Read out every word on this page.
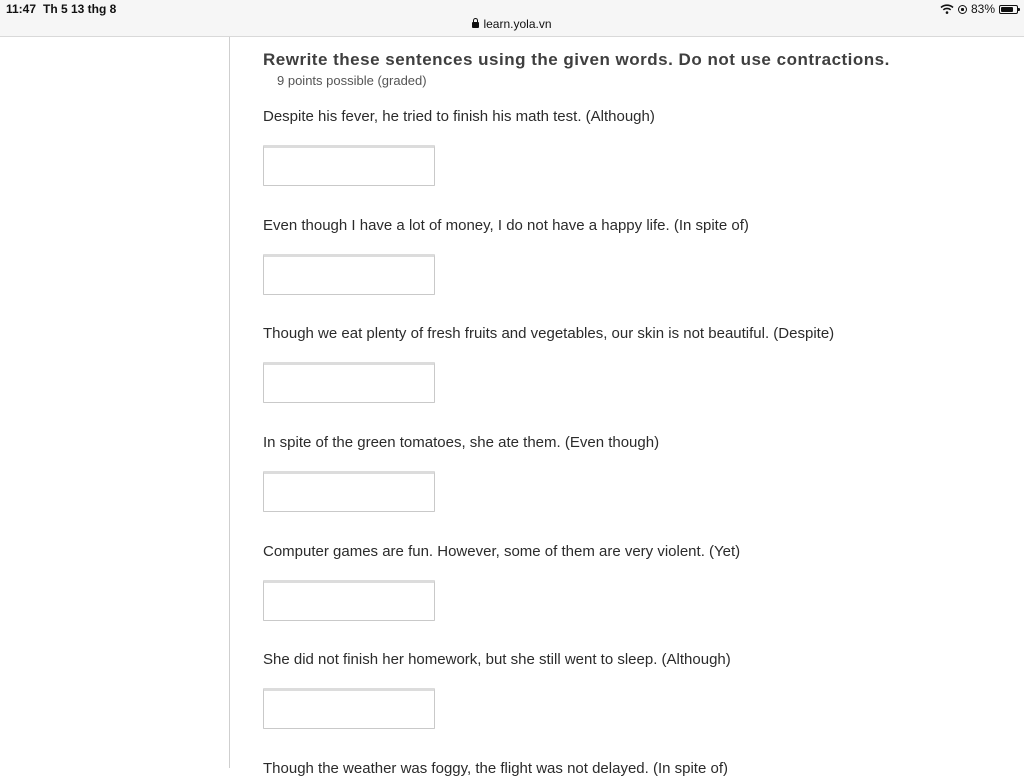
11:47 Th 5 13 thg 8
learn.yola.vn
83%
Rewrite these sentences using the given words. Do not use contractions.
9 points possible (graded)
Despite his fever, he tried to finish his math test. (Although)
Even though I have a lot of money, I do not have a happy life. (In spite of)
Though we eat plenty of fresh fruits and vegetables, our skin is not beautiful. (Despite)
In spite of the green tomatoes, she ate them. (Even though)
Computer games are fun. However, some of them are very violent. (Yet)
She did not finish her homework, but she still went to sleep. (Although)
Though the weather was foggy, the flight was not delayed. (In spite of)
